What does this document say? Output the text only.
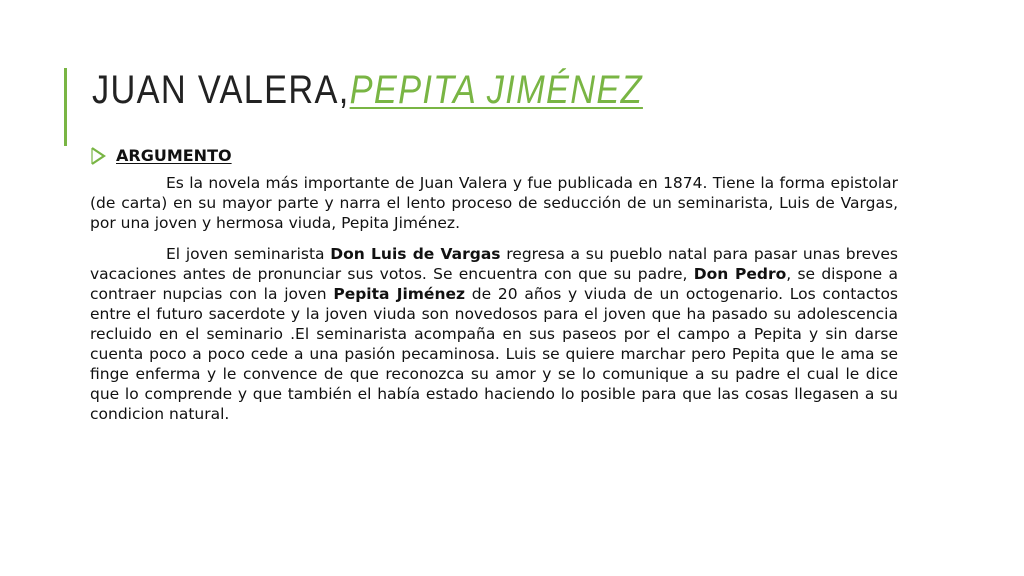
JUAN VALERA,PEPITA JIMÉNEZ
ARGUMENTO

Es la novela más importante de Juan Valera y fue publicada en 1874. Tiene la forma epistolar (de carta) en su mayor parte y narra el lento proceso de seducción de un seminarista, Luis de Vargas, por una joven y hermosa viuda, Pepita Jiménez.

El joven seminarista Don Luis de Vargas regresa a su pueblo natal para pasar unas breves vacaciones antes de pronunciar sus votos. Se encuentra con que su padre, Don Pedro, se dispone a contraer nupcias con la joven Pepita Jiménez de 20 años y viuda de un octogenario. Los contactos entre el futuro sacerdote y la joven viuda son novedosos para el joven que ha pasado su adolescencia recluido en el seminario .El seminarista acompaña en sus paseos por el campo a Pepita y sin darse cuenta poco a poco cede a una pasión pecaminosa. Luis se quiere marchar pero Pepita que le ama se finge enferma y le convence de que reconozca su amor y se lo comunique a su padre el cual le dice que lo comprende y que también el había estado haciendo lo posible para que las cosas llegasen a su condicion natural.
